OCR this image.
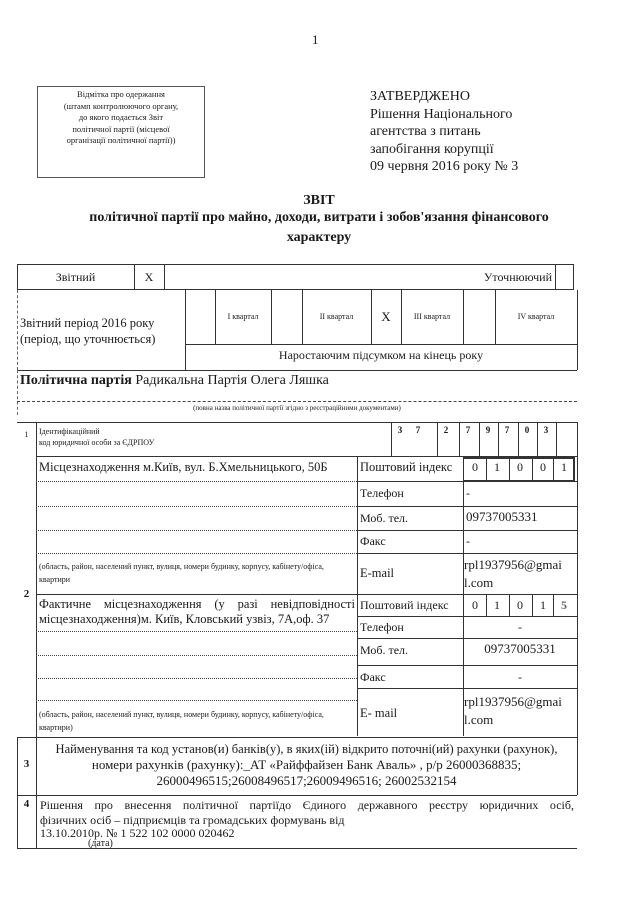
1
Відмітка про одержання
(штамп контролюючого органу,
до якого подається Звіт
політичної партії (місцевої
організації політичної партії))
ЗАТВЕРДЖЕНО
Рішення Національного
агентства з питань
запобігання корупції
09 червня 2016 року № 3
ЗВІТ
політичної партії про майно, доходи, витрати і зобов'язання фінансового
характеру
Звітний	X	Уточнюючий
Звітний період 2016 року
(період, що уточнюється)
I квартал	II квартал	X	III квартал	IV квартал
Наростаючим підсумком на кінець року
Політична партія Радикальна Партія Олега Ляшка
(повна назва політичної партії згідно з реєстраційними документами)
1	Ідентифікаційний
код юридичної особи за ЄДРПОУ
3	7	2	7	9	7	0	3
Місцезнаходження м.Київ, вул. Б.Хмельницького, 50Б
(область, район, населений пункт, вулиця, номери будинку, корпусу, кабінету/офіса, квартири
Поштовий індекс	0	1	0	0	1
Телефон	-
Моб. тел.	09737005331
Факс	-
E-mail
rpl1937956@gmai
l.com
2
Фактичне місцезнаходження (у разі невідповідності
місцезнаходження)м. Київ, Кловський узвіз, 7А,оф. 37
(область, район, населений пункт, вулиця, номери будинку, корпусу, кабінету/офіса, квартири)
Поштовий індекс	0	1	0	1	5
Телефон	-
Моб. тел.	09737005331
Факс	-
E- mail
rpl1937956@gmai
l.com
3
Найменування та код установ(и) банків(у), в яких(ій) відкрито поточні(ий) рахунки (рахунок),
номери рахунків (рахунку):_АТ «Райффайзен Банк Аваль» , р/р 26000368835;
26000496515;26008496517;26009496516; 26002532154
4 Рішення про внесення політичної партіїдо Єдиного державного реєстру юридичних осіб,
фізичних осіб – підприємців та громадських формувань від
13.10.2010р. № 1 522 102 0000 020462
(дата)
